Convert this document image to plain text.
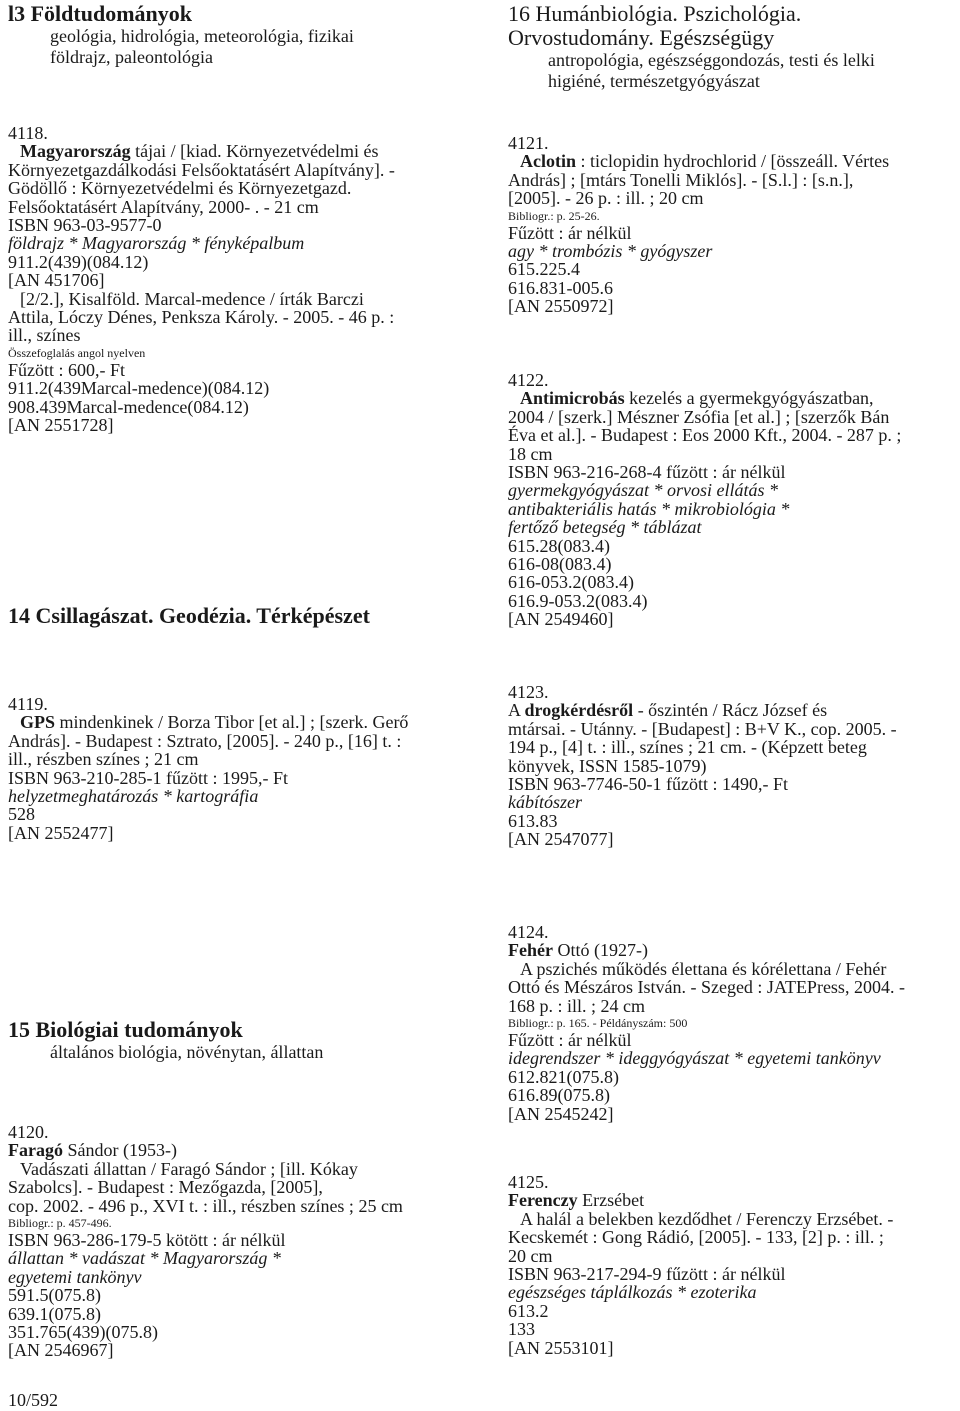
l3 Földtudományok
geológia, hidrológia, meteorológia, fizikai
földrajz, paleontológia
4118.
Magyarország tájai / [kiad. Környezetvédelmi és
Környezetgazdálkodási Felsőoktatásért Alapítvány]. -
Gödöllő : Környezetvédelmi és Környezetgazd.
Felsőoktatásért Alapítvány, 2000- . - 21 cm
ISBN 963-03-9577-0
földrajz * Magyarország * fényképalbum
911.2(439)(084.12)
[AN 451706]
[2/2.], Kisalföld. Marcal-medence / írták Barczi
Attila, Lóczy Dénes, Penksza Károly. - 2005. - 46 p. :
ill., színes
Összefoglalás angol nyelven
Fűzött : 600,- Ft
911.2(439Marcal-medence)(084.12)
908.439Marcal-medence(084.12)
[AN 2551728]
14 Csillagászat. Geodézia. Térképészet
4119.
GPS mindenkinek / Borza Tibor [et al.] ; [szerk. Gerő
András]. - Budapest : Sztrato, [2005]. - 240 p., [16] t. :
ill., részben színes ; 21 cm
ISBN 963-210-285-1 fűzött : 1995,- Ft
helyzetmeghatározás * kartográfia
528
[AN 2552477]
15 Biológiai tudományok
általános biológia, növénytan, állattan
4120.
Faragó Sándor (1953-)
Vadászati állattan / Faragó Sándor ; [ill. Kókay
Szabolcs]. - Budapest : Mezőgazda, [2005],
cop. 2002. - 496 p., XVI t. : ill., részben színes ; 25 cm
Bibliogr.: p. 457-496.
ISBN 963-286-179-5 kötött : ár nélkül
állattan * vadászat * Magyarország *
egyetemi tankönyv
591.5(075.8)
639.1(075.8)
351.765(439)(075.8)
[AN 2546967]
16 Humánbiológia. Pszichológia.
Orvostudomány. Egészségügy
antropológia, egészséggondozás, testi és lelki
higiéné, természetgyógyászat
4121.
Aclotin : ticlopidin hydrochlorid / [összeáll. Vértes
András] ; [mtárs Tonelli Miklós]. - [S.l.] : [s.n.],
[2005]. - 26 p. : ill. ; 20 cm
Bibliogr.: p. 25-26.
Fűzött : ár nélkül
agy * trombózis * gyógyszer
615.225.4
616.831-005.6
[AN 2550972]
4122.
Antimicrobás kezelés a gyermekgyógyászatban,
2004 / [szerk.] Mészner Zsófia [et al.] ; [szerzők Bán
Éva et al.]. - Budapest : Eos 2000 Kft., 2004. - 287 p. ;
18 cm
ISBN 963-216-268-4 fűzött : ár nélkül
gyermekgyógyászat * orvosi ellátás *
antibakteriális hatás * mikrobiológia *
fertőző betegség * táblázat
615.28(083.4)
616-08(083.4)
616-053.2(083.4)
616.9-053.2(083.4)
[AN 2549460]
4123.
A drogkérdésről - őszintén / Rácz József és
mtársai. - Utánny. - [Budapest] : B+V K., cop. 2005. -
194 p., [4] t. : ill., színes ; 21 cm. - (Képzett beteg
könyvek, ISSN 1585-1079)
ISBN 963-7746-50-1 fűzött : 1490,- Ft
kábítószer
613.83
[AN 2547077]
4124.
Fehér Ottó (1927-)
A pszichés működés élettana és kórélettana / Fehér
Ottó és Mészáros István. - Szeged : JATEPress, 2004. -
168 p. : ill. ; 24 cm
Bibliogr.: p. 165. - Példányszám: 500
Fűzött : ár nélkül
idegrendszer * ideggyógyászat * egyetemi tankönyv
612.821(075.8)
616.89(075.8)
[AN 2545242]
4125.
Ferenczy Erzsébet
A halál a belekben kezdődhet / Ferenczy Erzsébet. -
Kecskemét : Gong Rádió, [2005]. - 133, [2] p. : ill. ;
20 cm
ISBN 963-217-294-9 fűzött : ár nélkül
egészséges táplálkozás * ezoterika
613.2
133
[AN 2553101]
10/592
